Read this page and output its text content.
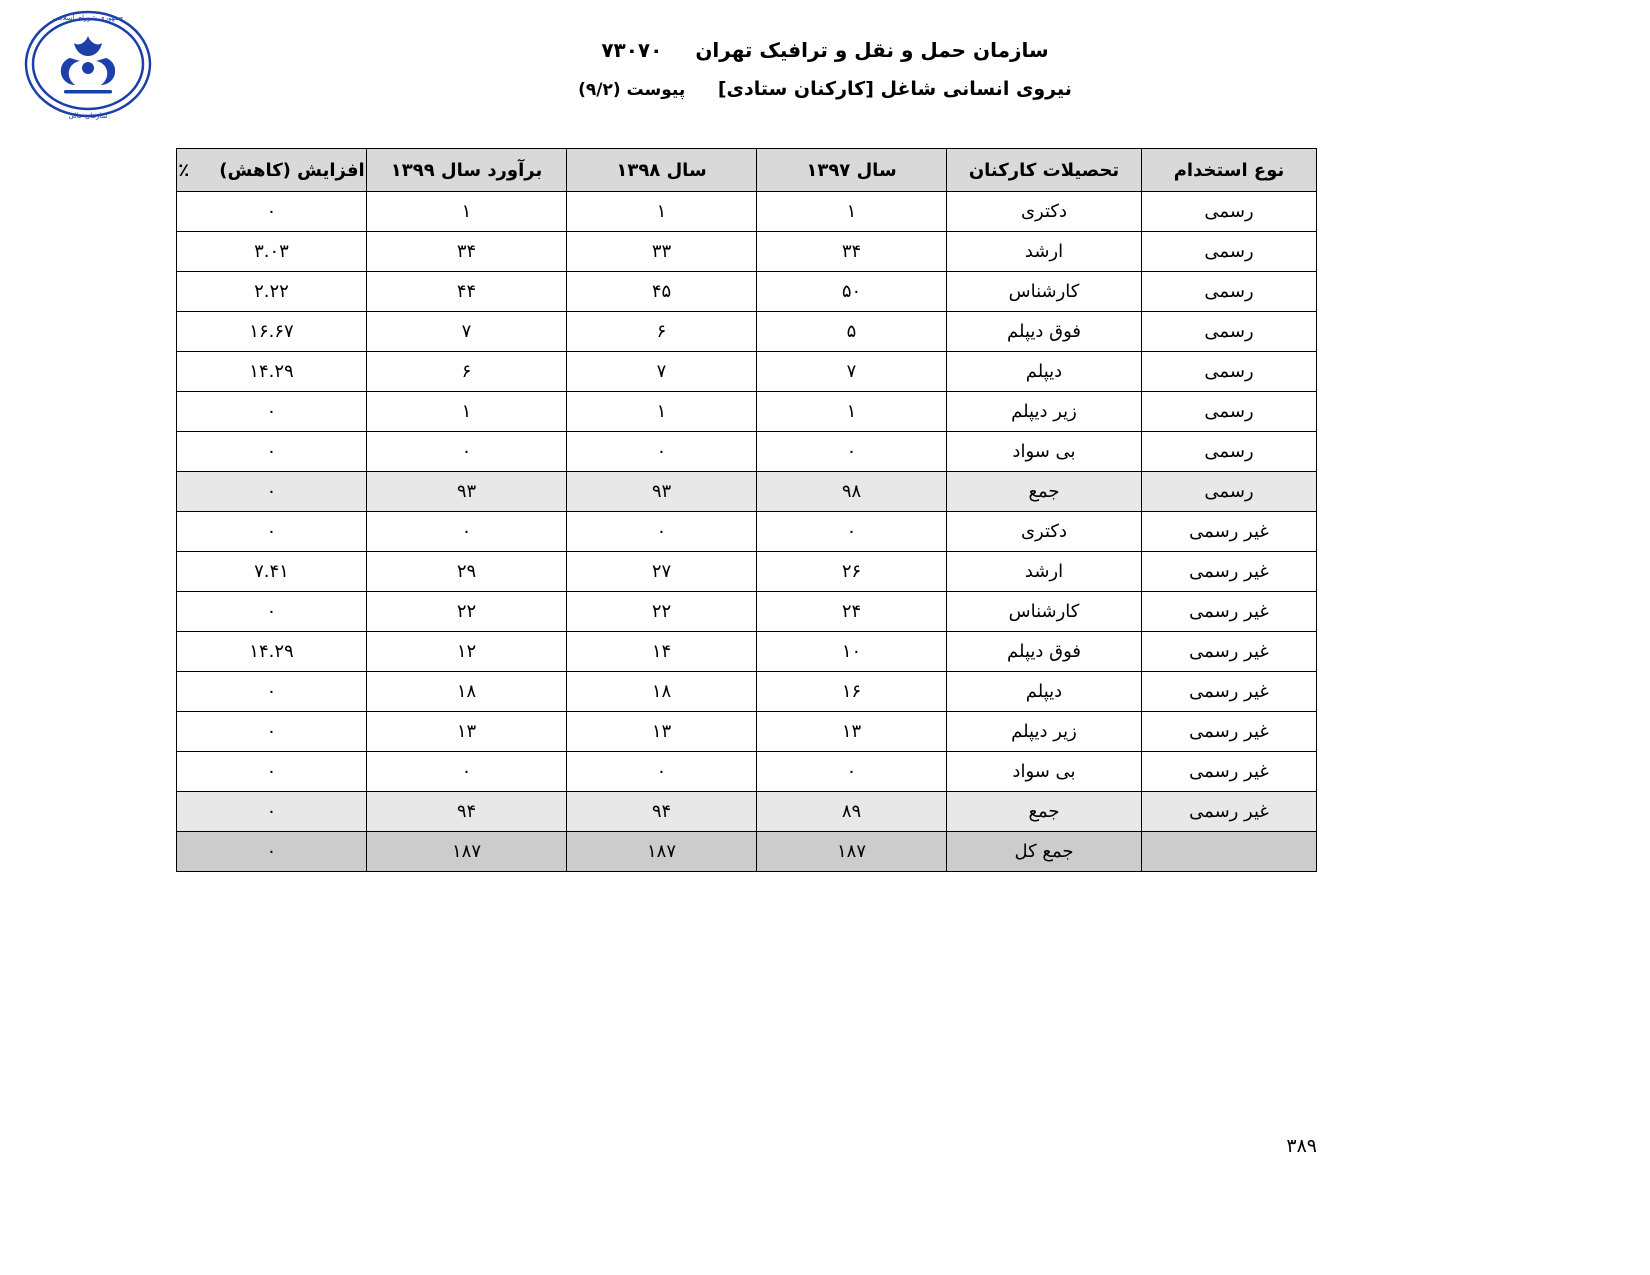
جمهوری شورای اسلامی
سازمان عالی
سازمان حمل و نقل و ترافیک تهران ۷۳۰۷۰
نیروی انسانی شاغل [کارکنان ستادی] پیوست (۹/۲)
نوع استخدام	تحصیلات کارکنان	سال ۱۳۹۷	سال ۱۳۹۸	برآورد سال ۱۳۹۹	افزایش (کاهش)
٪

رسمی	دکتری	۱	۱	۱	۰
رسمی	ارشد	۳۴	۳۳	۳۴	۳.۰۳
رسمی	کارشناس	۵۰	۴۵	۴۴	۲.۲۲
رسمی	فوق دیپلم	۵	۶	۷	۱۶.۶۷
رسمی	دیپلم	۷	۷	۶	۱۴.۲۹
رسمی	زیر دیپلم	۱	۱	۱	۰
رسمی	بی سواد	۰	۰	۰	۰
رسمی	جمع	۹۸	۹۳	۹۳	۰
غیر رسمی	دکتری	۰	۰	۰	۰
غیر رسمی	ارشد	۲۶	۲۷	۲۹	۷.۴۱
غیر رسمی	کارشناس	۲۴	۲۲	۲۲	۰
غیر رسمی	فوق دیپلم	۱۰	۱۴	۱۲	۱۴.۲۹
غیر رسمی	دیپلم	۱۶	۱۸	۱۸	۰
غیر رسمی	زیر دیپلم	۱۳	۱۳	۱۳	۰
غیر رسمی	بی سواد	۰	۰	۰	۰
غیر رسمی	جمع	۸۹	۹۴	۹۴	۰
	جمع کل	۱۸۷	۱۸۷	۱۸۷	۰
۳۸۹
